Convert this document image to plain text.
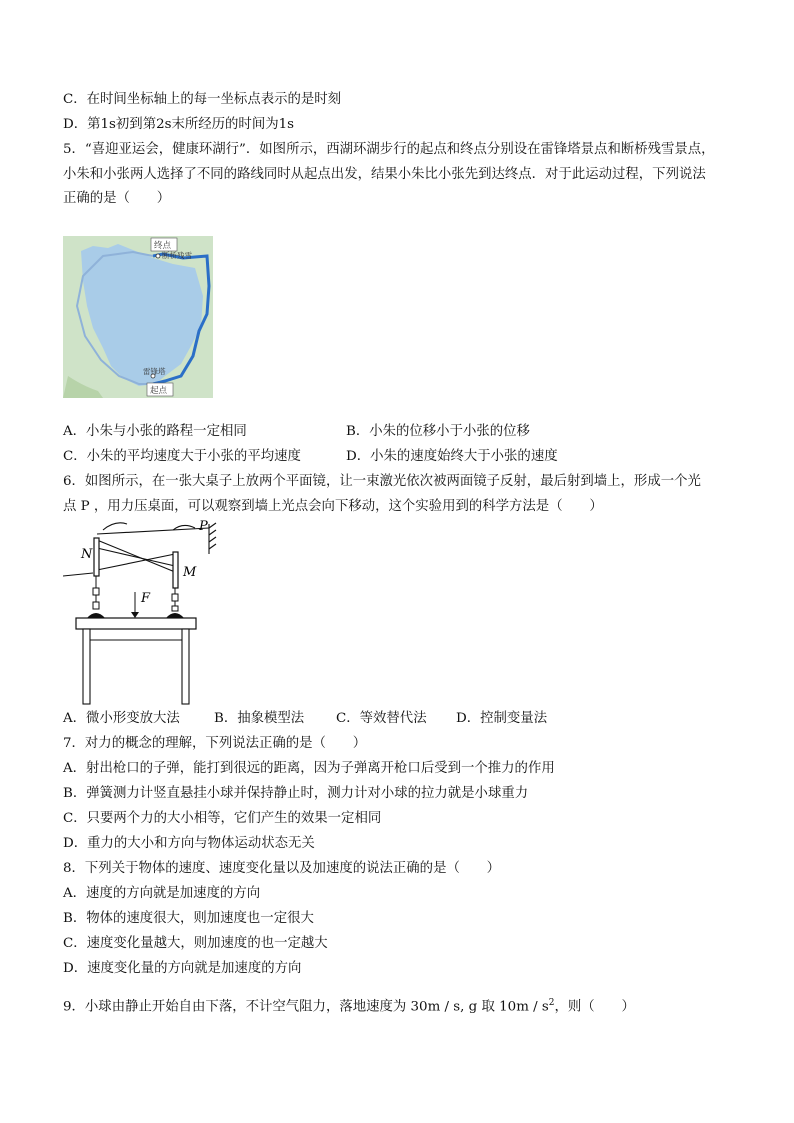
C．在时间坐标轴上的每一坐标点表示的是时刻
D．第1s初到第2s末所经历的时间为1s
5．“喜迎亚运会，健康环湖行”．如图所示，西湖环湖步行的起点和终点分别设在雷锋塔景点和断桥残雪景点，
小朱和小张两人选择了不同的路线同时从起点出发，结果小朱比小张先到达终点．对于此运动过程，下列说法
正确的是（　　）
终点
断桥残雪
雷锋塔
起点
A．小朱与小张的路程一定相同	B．小朱的位移小于小张的位移
C．小朱的平均速度大于小张的平均速度	D．小朱的速度始终大于小张的速度
6．如图所示，在一张大桌子上放两个平面镜，让一束激光依次被两面镜子反射，最后射到墙上，形成一个光
点 P ，用力压桌面，可以观察到墙上光点会向下移动，这个实验用到的科学方法是（　　）
N
M
P
F
A．微小形变放大法	B．抽象模型法 C．等效替代法 D．控制变量法
7．对力的概念的理解，下列说法正确的是（　　）
A．射出枪口的子弹，能打到很远的距离，因为子弹离开枪口后受到一个推力的作用
B．弹簧测力计竖直悬挂小球并保持静止时，测力计对小球的拉力就是小球重力
C．只要两个力的大小相等，它们产生的效果一定相同
D．重力的大小和方向与物体运动状态无关
8．下列关于物体的速度、速度变化量以及加速度的说法正确的是（　　）
A．速度的方向就是加速度的方向
B．物体的速度很大，则加速度也一定很大
C．速度变化量越大，则加速度的也一定越大
D．速度变化量的方向就是加速度的方向
9．小球由静止开始自由下落，不计空气阻力，落地速度为 30m / s, g 取 $10m / s^2$，则（　　）
